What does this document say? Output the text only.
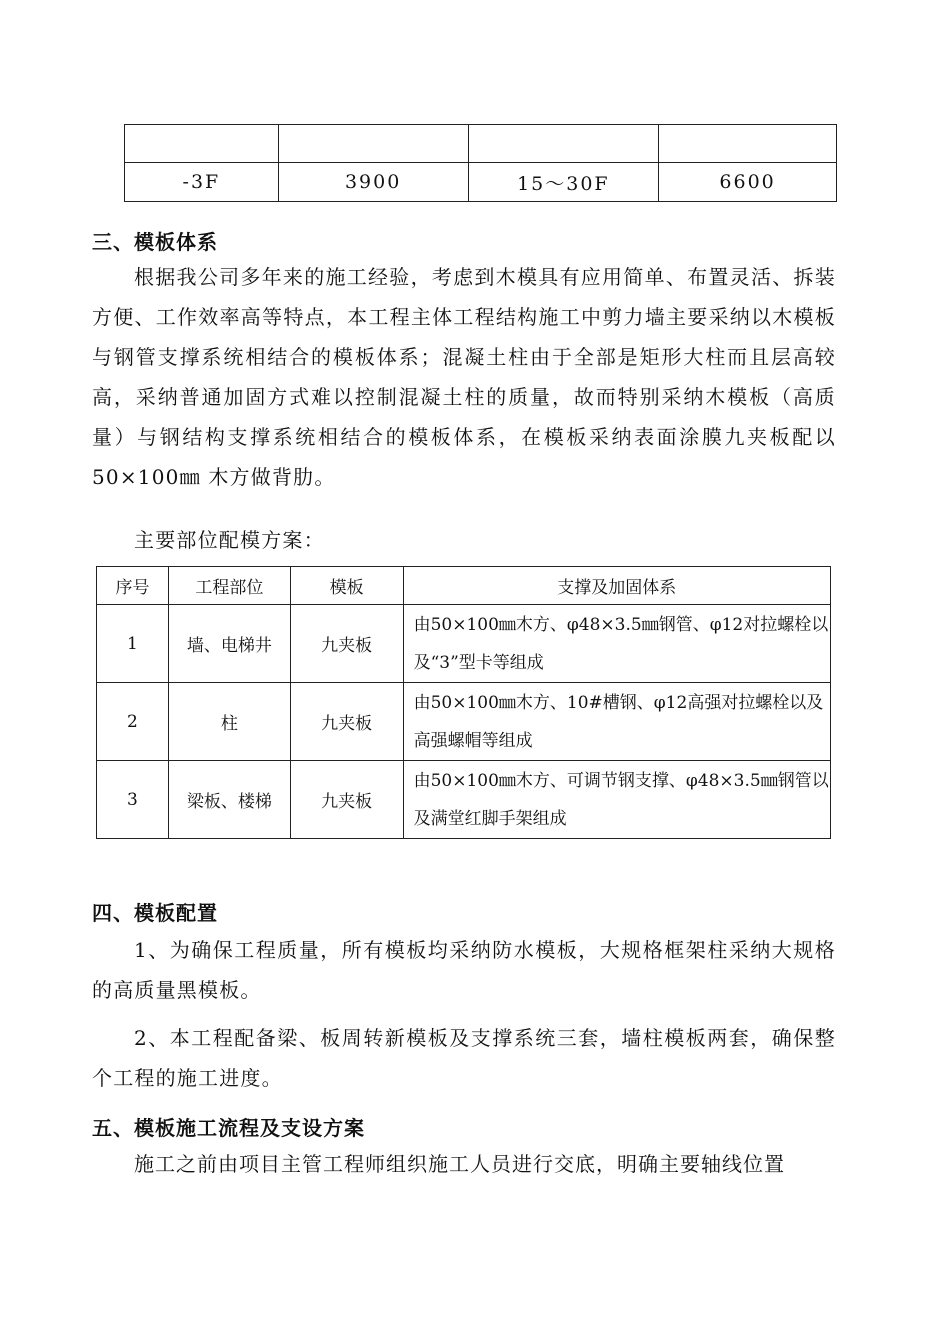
-3F	3900	15～30F	6600
三、模板体系
根据我公司多年来的施工经验，考虑到木模具有应用简单、布置灵活、拆装方便、工作效率高等特点，本工程主体工程结构施工中剪力墙主要采纳以木模板与钢管支撑系统相结合的模板体系；混凝土柱由于全部是矩形大柱而且层高较高，采纳普通加固方式难以控制混凝土柱的质量，故而特别采纳木模板（高质量）与钢结构支撑系统相结合的模板体系，在模板采纳表面涂膜九夹板配以50×100㎜ 木方做背肋。
主要部位配模方案：
序号	工程部位	模板	支撑及加固体系
1	墙、电梯井	九夹板	由50×100㎜木方、φ48×3.5㎜钢管、φ12对拉螺栓以及“3”型卡等组成
2	柱	九夹板	由50×100㎜木方、10#槽钢、φ12高强对拉螺栓以及高强螺帽等组成
3	梁板、楼梯	九夹板	由50×100㎜木方、可调节钢支撑、φ48×3.5㎜钢管以及满堂红脚手架组成
四、模板配置
1、为确保工程质量，所有模板均采纳防水模板，大规格框架柱采纳大规格的高质量黑模板。
2、本工程配备梁、板周转新模板及支撑系统三套，墙柱模板两套，确保整个工程的施工进度。
五、模板施工流程及支设方案
施工之前由项目主管工程师组织施工人员进行交底，明确主要轴线位置
